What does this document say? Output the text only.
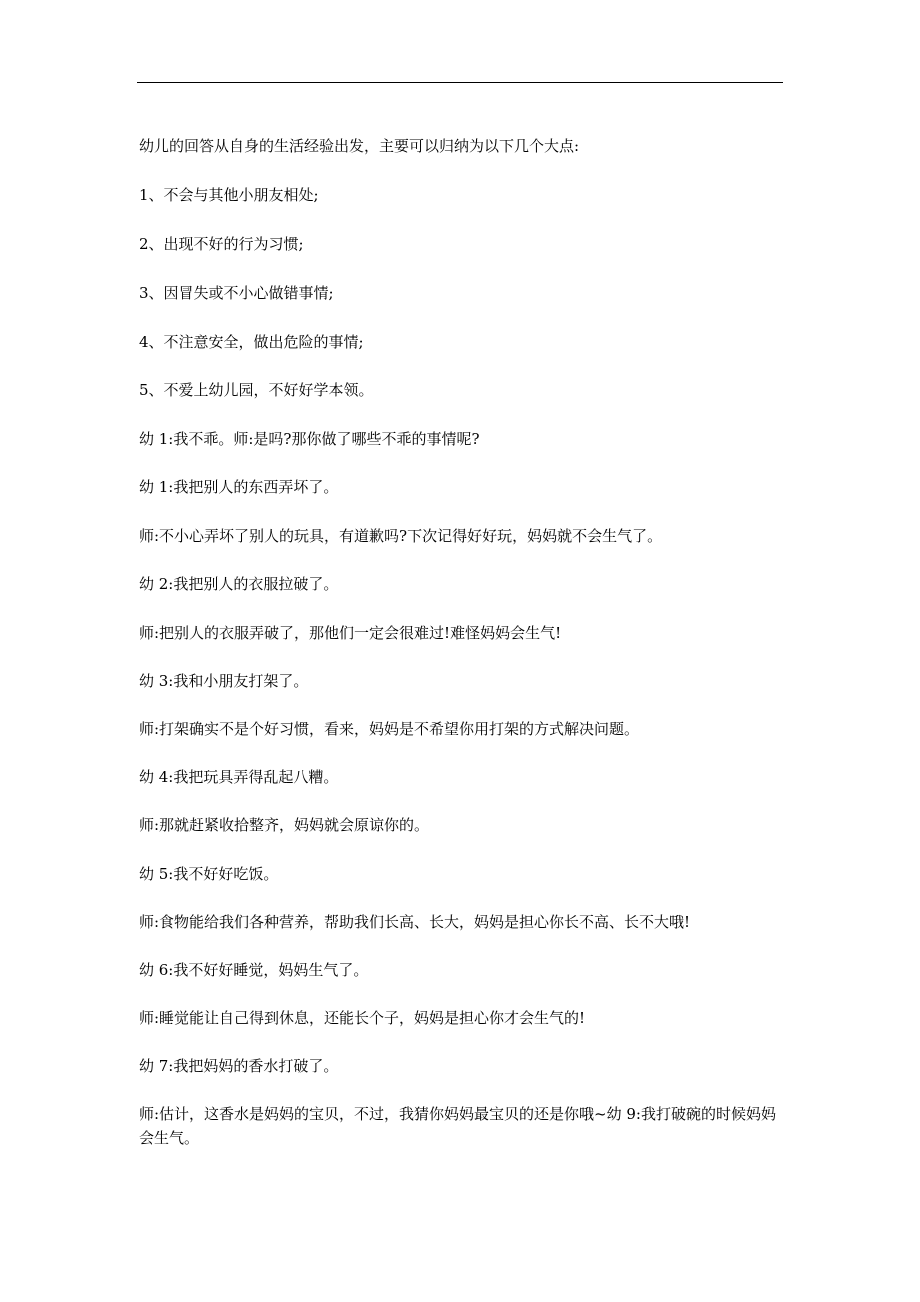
幼儿的回答从自身的生活经验出发，主要可以归纳为以下几个大点:

1、不会与其他小朋友相处;

2、出现不好的行为习惯;

3、因冒失或不小心做错事情;

4、不注意安全，做出危险的事情;

5、不爱上幼儿园，不好好学本领。

幼 1:我不乖。师:是吗?那你做了哪些不乖的事情呢?

幼 1:我把别人的东西弄坏了。

师:不小心弄坏了别人的玩具，有道歉吗?下次记得好好玩，妈妈就不会生气了。

幼 2:我把别人的衣服拉破了。

师:把别人的衣服弄破了，那他们一定会很难过!难怪妈妈会生气!

幼 3:我和小朋友打架了。

师:打架确实不是个好习惯，看来，妈妈是不希望你用打架的方式解决问题。

幼 4:我把玩具弄得乱起八糟。

师:那就赶紧收拾整齐，妈妈就会原谅你的。

幼 5:我不好好吃饭。

师:食物能给我们各种营养，帮助我们长高、长大，妈妈是担心你长不高、长不大哦!

幼 6:我不好好睡觉，妈妈生气了。

师:睡觉能让自己得到休息，还能长个子，妈妈是担心你才会生气的!

幼 7:我把妈妈的香水打破了。

师:估计，这香水是妈妈的宝贝，不过，我猜你妈妈最宝贝的还是你哦~幼 9:我打破碗的时候妈妈会生气。
